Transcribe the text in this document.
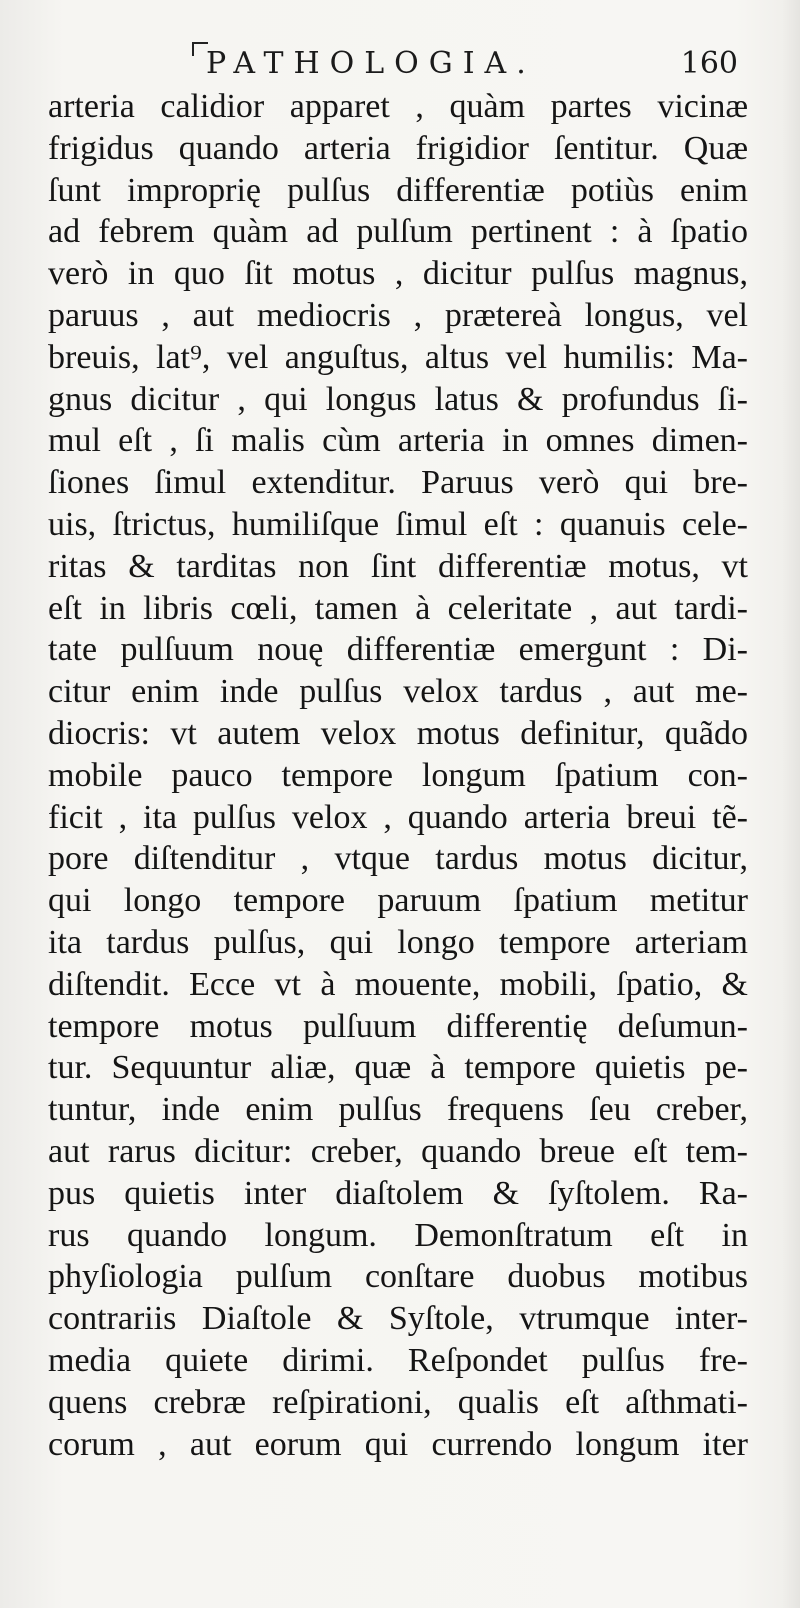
PATHOLOGIA.	160
arteria calidior apparet , quàm partes vicinæ
frigidus quando arteria frigidior ſentitur. Quæ
ſunt improprię pulſus differentiæ potiùs enim
ad febrem quàm ad pulſum pertinent : à ſpatio
verò in quo ſit motus , dicitur pulſus magnus,
paruus , aut mediocris , prætereà longus, vel
breuis, lat⁹, vel anguſtus, altus vel humilis: Ma-
gnus dicitur , qui longus latus & profundus ſi-
mul eſt , ſi malis cùm arteria in omnes dimen-
ſiones ſimul extenditur. Paruus verò qui bre-
uis, ſtrictus, humiliſque ſimul eſt : quanuis cele-
ritas & tarditas non ſint differentiæ motus, vt
eſt in libris cœli, tamen à celeritate , aut tardi-
tate pulſuum nouę differentiæ emergunt : Di-
citur enim inde pulſus velox tardus , aut me-
diocris: vt autem velox motus definitur, quãdo
mobile pauco tempore longum ſpatium con-
ficit , ita pulſus velox , quando arteria breui tẽ-
pore diſtenditur , vtque tardus motus dicitur,
qui longo tempore paruum ſpatium metitur
ita tardus pulſus, qui longo tempore arteriam
diſtendit. Ecce vt à mouente, mobili, ſpatio, &
tempore motus pulſuum differentię deſumun-
tur. Sequuntur aliæ, quæ à tempore quietis pe-
tuntur, inde enim pulſus frequens ſeu creber,
aut rarus dicitur: creber, quando breue eſt tem-
pus quietis inter diaſtolem & ſyſtolem. Ra-
rus quando longum. Demonſtratum eſt in
phyſiologia pulſum conſtare duobus motibus
contrariis Diaſtole & Syſtole, vtrumque inter-
media quiete dirimi. Reſpondet pulſus fre-
quens crebræ reſpirationi, qualis eſt aſthmati-
corum , aut eorum qui currendo longum iter
